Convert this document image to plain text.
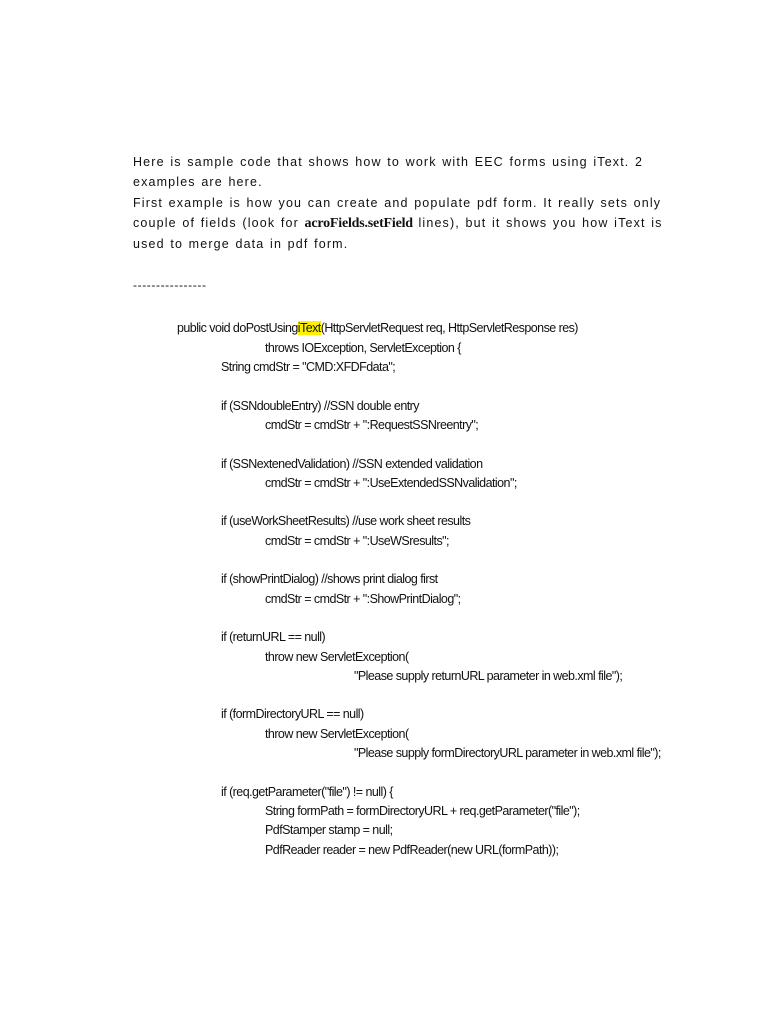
Here is sample code that shows how to work with EEC forms using iText. 2 examples are here.

First example is how you can create and populate pdf form. It really sets only couple of fields (look for acroFields.setField lines), but it shows you how iText is used to merge data in pdf form.

----------------

public void doPostUsingiText(HttpServletRequest req, HttpServletResponse res)

throws IOException, ServletException {

String cmdStr = "CMD:XFDFdata";

if (SSNdoubleEntry) //SSN double entry

cmdStr = cmdStr + ":RequestSSNreentry";

if (SSNextenedValidation) //SSN extended validation

cmdStr = cmdStr + ":UseExtendedSSNvalidation";

if (useWorkSheetResults) //use work sheet results

cmdStr = cmdStr + ":UseWSresults";

if (showPrintDialog) //shows print dialog first

cmdStr = cmdStr + ":ShowPrintDialog";

if (returnURL == null)

throw new ServletException(

"Please supply returnURL parameter in web.xml file");

if (formDirectoryURL == null)

throw new ServletException(

"Please supply formDirectoryURL parameter in web.xml file");

if (req.getParameter("file") != null) {

String formPath = formDirectoryURL + req.getParameter("file");

PdfStamper stamp = null;

PdfReader reader = new PdfReader(new URL(formPath));
